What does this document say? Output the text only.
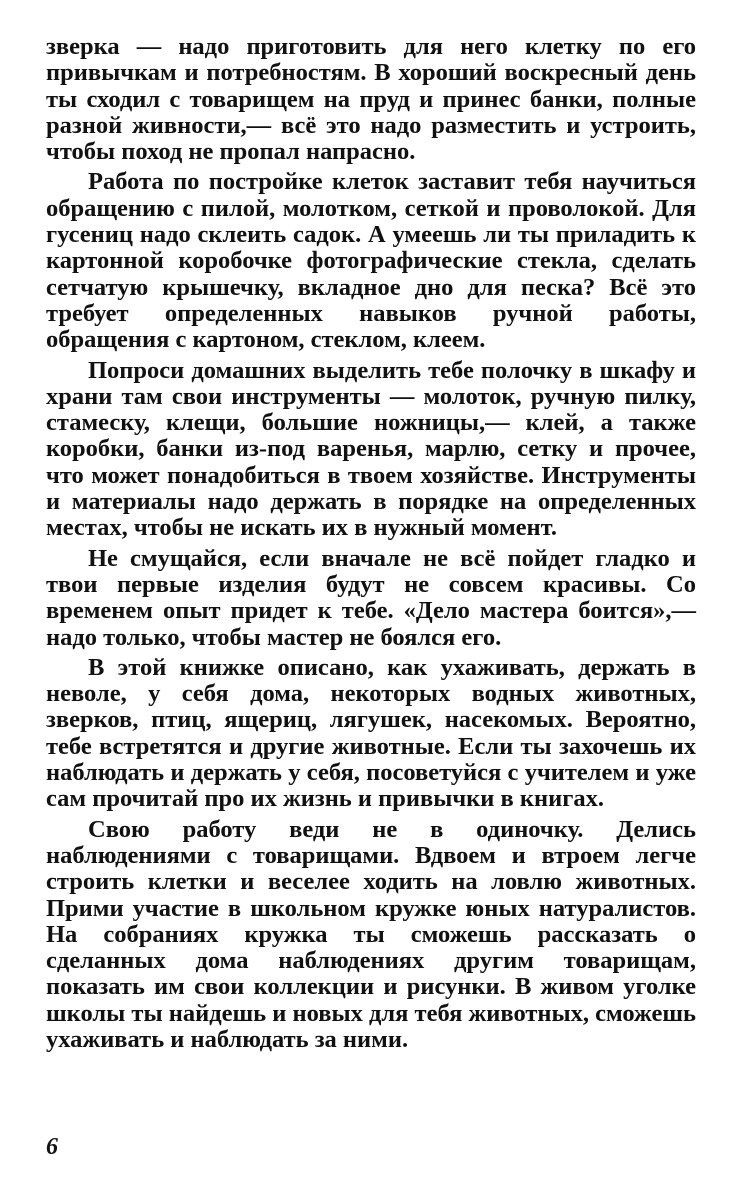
зверка — надо приготовить для него клетку по его привычкам и потребностям. В хороший воскресный день ты сходил с товарищем на пруд и принес банки, полные разной живности,— всё это надо разместить и устроить, чтобы поход не пропал напрасно.

Работа по постройке клеток заставит тебя научиться обращению с пилой, молотком, сеткой и проволокой. Для гусениц надо склеить садок. А умеешь ли ты приладить к картонной коробочке фотографические стекла, сделать сетчатую крышечку, вкладное дно для песка? Всё это требует определенных навыков ручной работы, обращения с картоном, стеклом, клеем.

Попроси домашних выделить тебе полочку в шкафу и храни там свои инструменты — молоток, ручную пилку, стамеску, клещи, большие ножницы,— клей, а также коробки, банки из-под варенья, марлю, сетку и прочее, что может понадобиться в твоем хозяйстве. Инструменты и материалы надо держать в порядке на определенных местах, чтобы не искать их в нужный момент.

Не смущайся, если вначале не всё пойдет гладко и твои первые изделия будут не совсем красивы. Со временем опыт придет к тебе. «Дело мастера боится»,— надо только, чтобы мастер не боялся его.

В этой книжке описано, как ухаживать, держать в неволе, у себя дома, некоторых водных животных, зверков, птиц, ящериц, лягушек, насекомых. Вероятно, тебе встретятся и другие животные. Если ты захочешь их наблюдать и держать у себя, посоветуйся с учителем и уже сам прочитай про их жизнь и привычки в книгах.

Свою работу веди не в одиночку. Делись наблюдениями с товарищами. Вдвоем и втроем легче строить клетки и веселее ходить на ловлю животных. Прими участие в школьном кружке юных натуралистов. На собраниях кружка ты сможешь рассказать о сделанных дома наблюдениях другим товарищам, показать им свои коллекции и рисунки. В живом уголке школы ты найдешь и новых для тебя животных, сможешь ухаживать и наблюдать за ними.

6
